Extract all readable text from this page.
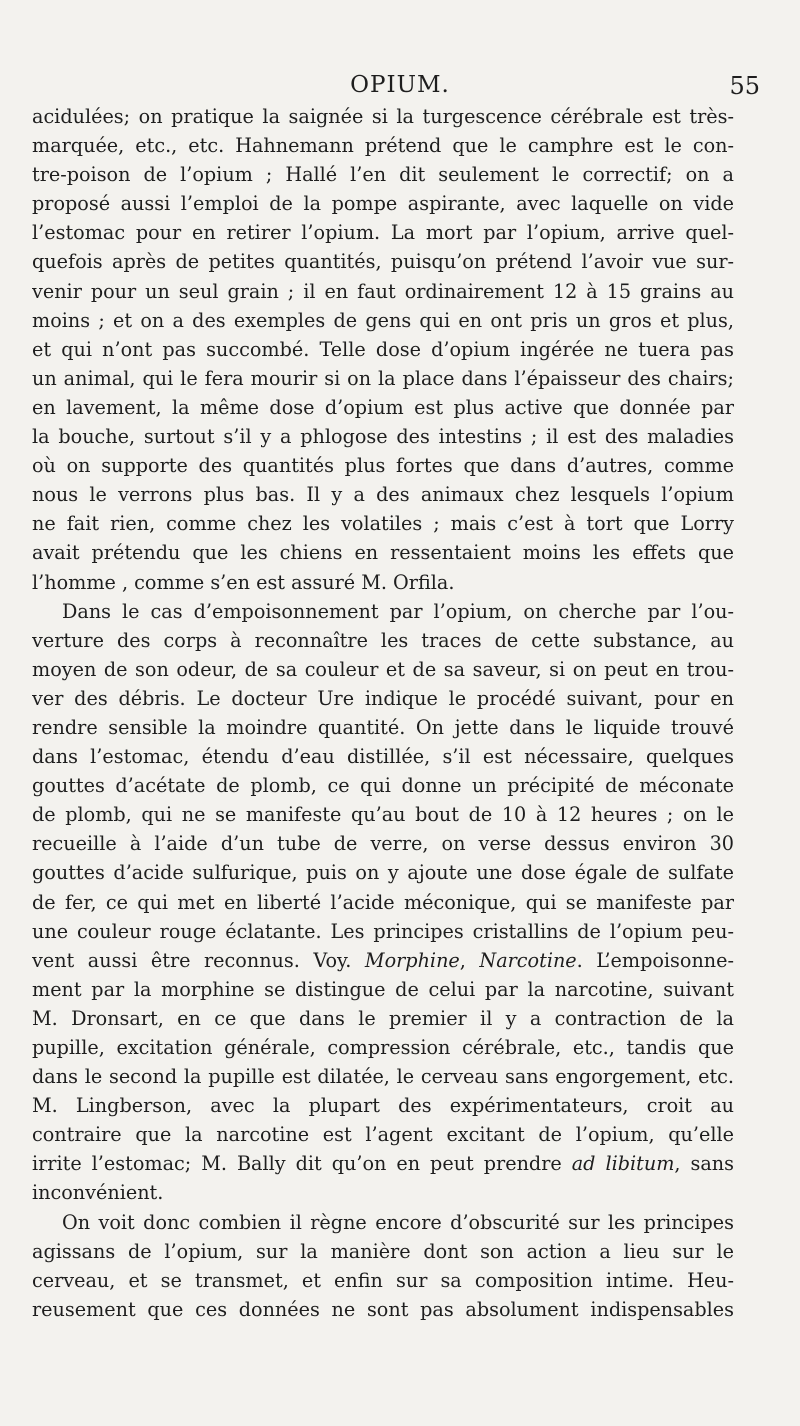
OPIUM.	55
acidulées; on pratique la saignée si la turgescence cérébrale est très-
marquée, etc., etc. Hahnemann prétend que le camphre est le con-
tre-poison de l’opium ; Hallé l’en dit seulement le correctif; on a
proposé aussi l’emploi de la pompe aspirante, avec laquelle on vide
l’estomac pour en retirer l’opium. La mort par l’opium, arrive quel-
quefois après de petites quantités, puisqu’on prétend l’avoir vue sur-
venir pour un seul grain ; il en faut ordinairement 12 à 15 grains au
moins ; et on a des exemples de gens qui en ont pris un gros et plus,
et qui n’ont pas succombé. Telle dose d’opium ingérée ne tuera pas
un animal, qui le fera mourir si on la place dans l’épaisseur des chairs;
en lavement, la même dose d’opium est plus active que donnée par
la bouche, surtout s’il y a phlogose des intestins ; il est des maladies
où on supporte des quantités plus fortes que dans d’autres, comme
nous le verrons plus bas. Il y a des animaux chez lesquels l’opium
ne fait rien, comme chez les volatiles ; mais c’est à tort que Lorry
avait prétendu que les chiens en ressentaient moins les effets que
l’homme , comme s’en est assuré M. Orfila.
Dans le cas d’empoisonnement par l’opium, on cherche par l’ou-
verture des corps à reconnaître les traces de cette substance, au
moyen de son odeur, de sa couleur et de sa saveur, si on peut en trou-
ver des débris. Le docteur Ure indique le procédé suivant, pour en
rendre sensible la moindre quantité. On jette dans le liquide trouvé
dans l’estomac, étendu d’eau distillée, s’il est nécessaire, quelques
gouttes d’acétate de plomb, ce qui donne un précipité de méconate
de plomb, qui ne se manifeste qu’au bout de 10 à 12 heures ; on le
recueille à l’aide d’un tube de verre, on verse dessus environ 30
gouttes d’acide sulfurique, puis on y ajoute une dose égale de sulfate
de fer, ce qui met en liberté l’acide méconique, qui se manifeste par
une couleur rouge éclatante. Les principes cristallins de l’opium peu-
vent aussi être reconnus. Voy. Morphine, Narcotine. L’empoisonne-
ment par la morphine se distingue de celui par la narcotine, suivant
M. Dronsart, en ce que dans le premier il y a contraction de la
pupille, excitation générale, compression cérébrale, etc., tandis que
dans le second la pupille est dilatée, le cerveau sans engorgement, etc.
M. Lingberson, avec la plupart des expérimentateurs, croit au
contraire que la narcotine est l’agent excitant de l’opium, qu’elle
irrite l’estomac; M. Bally dit qu’on en peut prendre ad libitum, sans
inconvénient.
On voit donc combien il règne encore d’obscurité sur les principes
agissans de l’opium, sur la manière dont son action a lieu sur le
cerveau, et se transmet, et enfin sur sa composition intime. Heu-
reusement que ces données ne sont pas absolument indispensables
